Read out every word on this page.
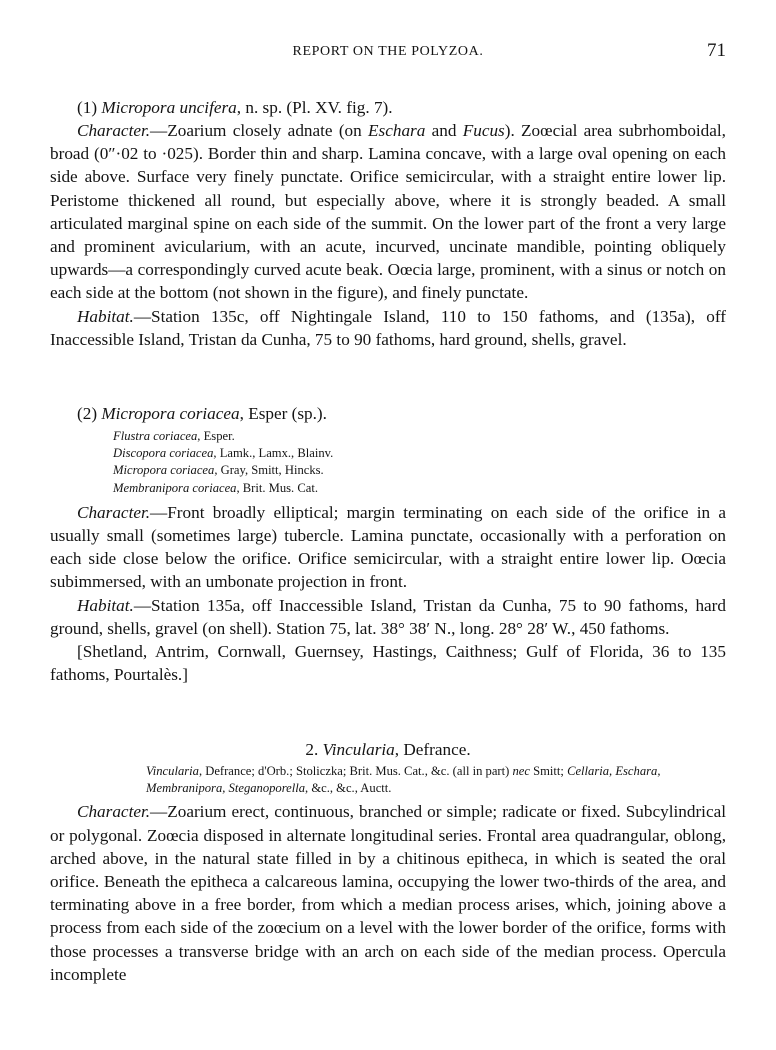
REPORT ON THE POLYZOA.	71

(1) Micropora uncifera, n. sp. (Pl. XV. fig. 7).

Character.—Zoarium closely adnate (on Eschara and Fucus). Zoœcial area subrhomboidal, broad (0″·02 to ·025). Border thin and sharp. Lamina concave, with a large oval opening on each side above. Surface very finely punctate. Orifice semicircular, with a straight entire lower lip. Peristome thickened all round, but especially above, where it is strongly beaded. A small articulated marginal spine on each side of the summit. On the lower part of the front a very large and prominent avicularium, with an acute, incurved, uncinate mandible, pointing obliquely upwards—a correspondingly curved acute beak. Oœcia large, prominent, with a sinus or notch on each side at the bottom (not shown in the figure), and finely punctate.

Habitat.—Station 135c, off Nightingale Island, 110 to 150 fathoms, and (135a), off Inaccessible Island, Tristan da Cunha, 75 to 90 fathoms, hard ground, shells, gravel.

(2) Micropora coriacea, Esper (sp.).

Flustra coriacea, Esper.

Discopora coriacea, Lamk., Lamx., Blainv.

Micropora coriacea, Gray, Smitt, Hincks.

Membranipora coriacea, Brit. Mus. Cat.

Character.—Front broadly elliptical; margin terminating on each side of the orifice in a usually small (sometimes large) tubercle. Lamina punctate, occasionally with a perforation on each side close below the orifice. Orifice semicircular, with a straight entire lower lip. Oœcia subimmersed, with an umbonate projection in front.

Habitat.—Station 135a, off Inaccessible Island, Tristan da Cunha, 75 to 90 fathoms, hard ground, shells, gravel (on shell). Station 75, lat. 38° 38′ N., long. 28° 28′ W., 450 fathoms.

[Shetland, Antrim, Cornwall, Guernsey, Hastings, Caithness; Gulf of Florida, 36 to 135 fathoms, Pourtalès.]

2. Vincularia, Defrance.

Vincularia, Defrance; d'Orb.; Stoliczka; Brit. Mus. Cat., &c. (all in part) nec Smitt; Cellaria, Eschara, Membranipora, Steganoporella, &c., &c., Auctt.

Character.—Zoarium erect, continuous, branched or simple; radicate or fixed. Subcylindrical or polygonal. Zoœcia disposed in alternate longitudinal series. Frontal area quadrangular, oblong, arched above, in the natural state filled in by a chitinous epitheca, in which is seated the oral orifice. Beneath the epitheca a calcareous lamina, occupying the lower two-thirds of the area, and terminating above in a free border, from which a median process arises, which, joining above a process from each side of the zoœcium on a level with the lower border of the orifice, forms with those processes a transverse bridge with an arch on each side of the median process. Opercula incomplete
